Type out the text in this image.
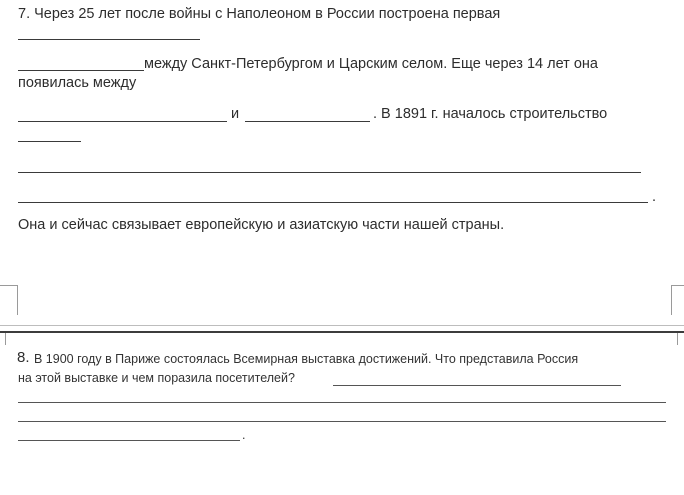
7. Через 25 лет после войны с Наполеоном в России построена первая
между Санкт-Петербургом и Царским селом. Еще через 14 лет она
появилась между
и	. В 1891 г. началось строительство
.
Она и сейчас связывает европейскую и азиатскую части нашей страны.
8. В 1900 году в Париже состоялась Всемирная выставка достижений. Что представила Россия
на этой выставке и чем поразила посетителей?
.
